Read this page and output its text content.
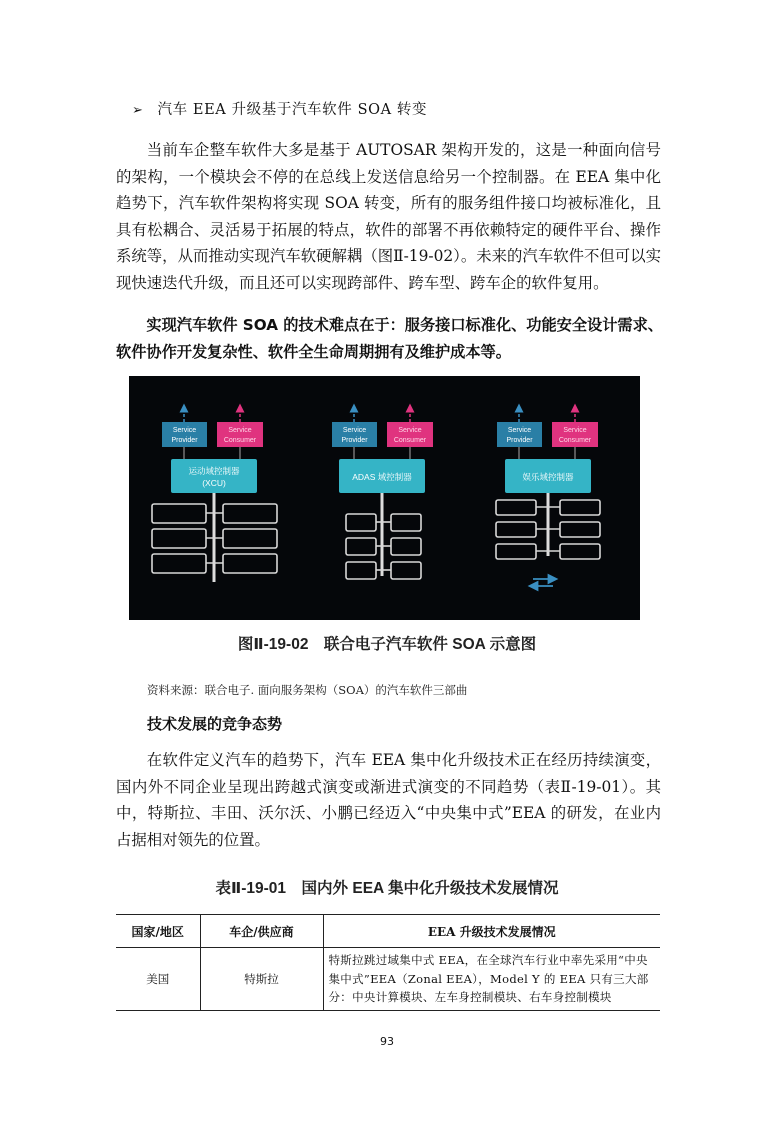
➢ 汽车 EEA 升级基于汽车软件 SOA 转变
当前车企整车软件大多是基于 AUTOSAR 架构开发的，这是一种面向信号的架构，一个模块会不停的在总线上发送信息给另一个控制器。在 EEA 集中化趋势下，汽车软件架构将实现 SOA 转变，所有的服务组件接口均被标准化，且具有松耦合、灵活易于拓展的特点，软件的部署不再依赖特定的硬件平台、操作系统等，从而推动实现汽车软硬解耦（图Ⅱ-19-02）。未来的汽车软件不但可以实现快速迭代升级，而且还可以实现跨部件、跨车型、跨车企的软件复用。
实现汽车软件 SOA 的技术难点在于：服务接口标准化、功能安全设计需求、软件协作开发复杂性、软件全生命周期拥有及维护成本等。
Service
Provider
Service
Consumer
运动域控制器
(XCU)
Service
Provider
Service
Consumer
ADAS 域控制器
Service
Provider
Service
Consumer
娱乐域控制器
图Ⅱ-19-02　联合电子汽车软件 SOA 示意图
资料来源：联合电子. 面向服务架构（SOA）的汽车软件三部曲
技术发展的竞争态势
在软件定义汽车的趋势下，汽车 EEA 集中化升级技术正在经历持续演变，国内外不同企业呈现出跨越式演变或渐进式演变的不同趋势（表Ⅱ-19-01）。其中，特斯拉、丰田、沃尔沃、小鹏已经迈入“中央集中式”EEA 的研发，在业内占据相对领先的位置。
表Ⅱ-19-01　国内外 EEA 集中化升级技术发展情况
国家/地区	车企/供应商	EEA 升级技术发展情况
美国	特斯拉	特斯拉跳过域集中式 EEA，在全球汽车行业中率先采用“中央集中式”EEA（Zonal EEA），Model Y 的 EEA 只有三大部分：中央计算模块、左车身控制模块、右车身控制模块
93
